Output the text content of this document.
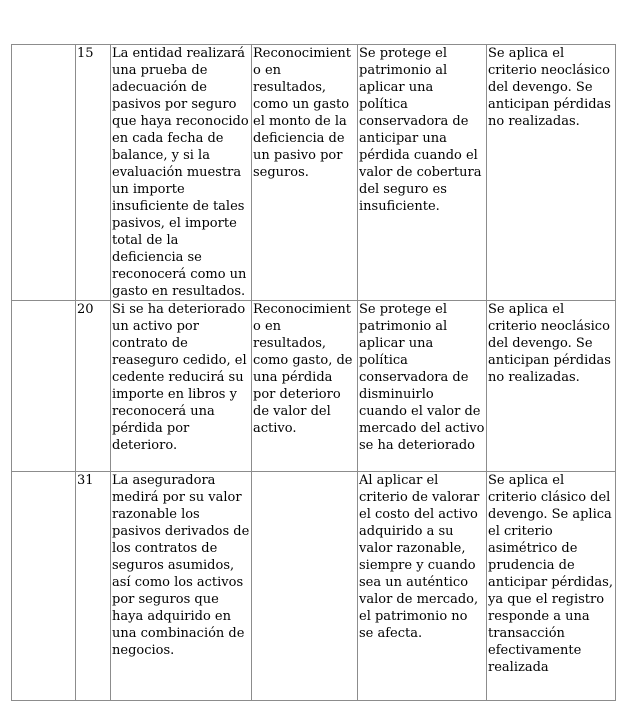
	15	La entidad realizará una prueba de adecuación de pasivos por seguro que haya reconocido en cada fecha de balance, y si la evaluación muestra un importe insuficiente de tales pasivos, el importe total de la deficiencia se reconocerá como un gasto en resultados.	Reconocimiento en resultados, como un gasto el monto de la deficiencia de un pasivo por seguros.	Se protege el patrimonio al aplicar una política conservadora de anticipar una pérdida cuando el valor de cobertura del seguro es insuficiente.	Se aplica el criterio neoclásico del devengo. Se anticipan pérdidas no realizadas.
	20	Si se ha deteriorado un activo por contrato de reaseguro cedido, el cedente reducirá su importe en libros y reconocerá una pérdida por deterioro.	Reconocimiento en resultados, como gasto, de una pérdida por deterioro de valor del activo.	Se protege el patrimonio al aplicar una política conservadora de disminuirlo cuando el valor de mercado del activo se ha deteriorado	Se aplica el criterio neoclásico del devengo. Se anticipan pérdidas no realizadas.
	31	La aseguradora medirá por su valor razonable los pasivos derivados de los contratos de seguros asumidos, así como los activos por seguros que haya adquirido en una combinación de negocios.		Al aplicar el criterio de valorar el costo del activo adquirido a su valor razonable, siempre y cuando sea un auténtico valor de mercado, el patrimonio no se afecta.	Se aplica el criterio clásico del devengo. Se aplica el criterio asimétrico de prudencia de anticipar pérdidas, ya que el registro responde a una transacción efectivamente realizada
